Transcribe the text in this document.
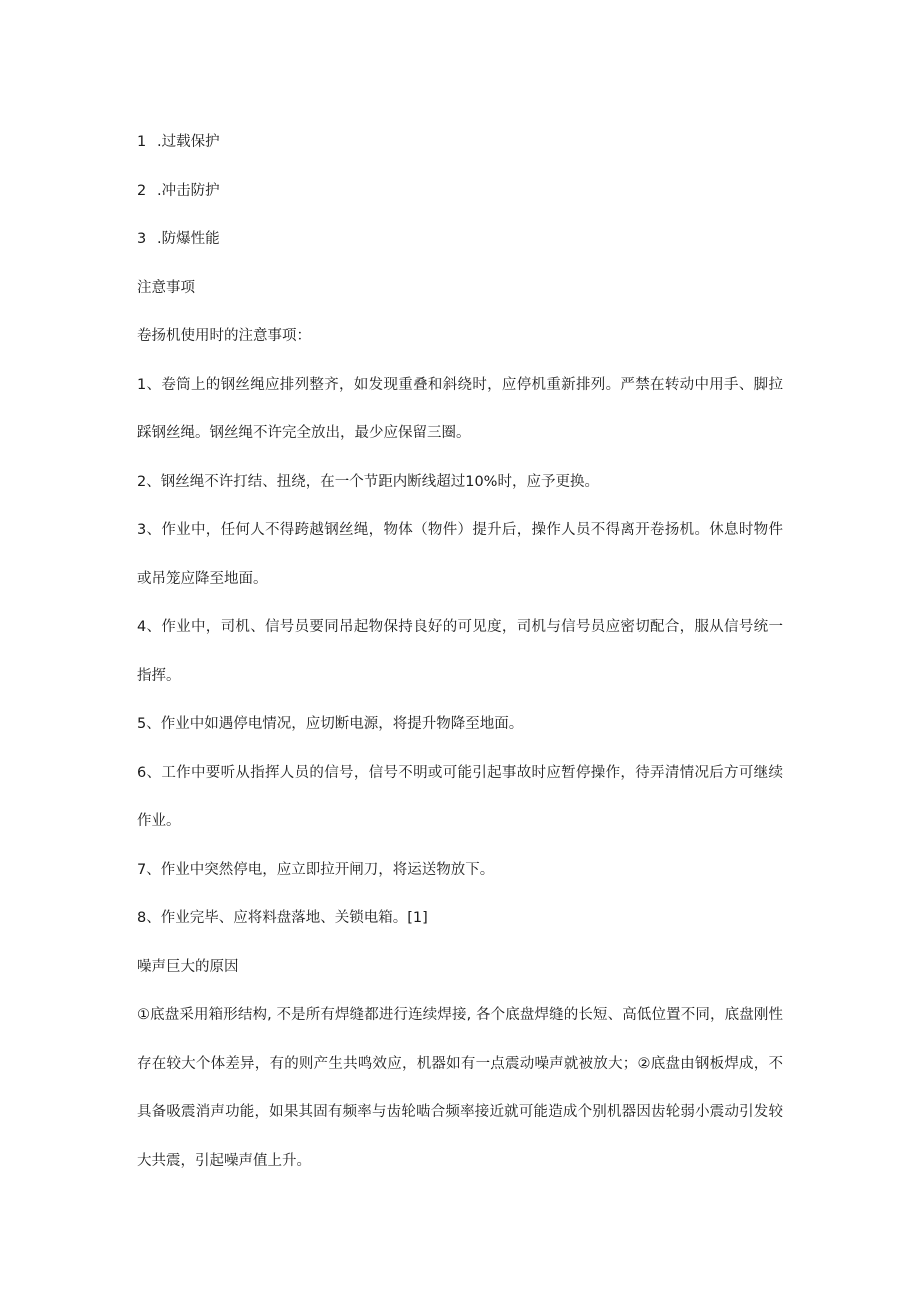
1 .过载保护

2 .冲击防护

3 .防爆性能

注意事项

卷扬机使用时的注意事项：

1、卷筒上的钢丝绳应排列整齐，如发现重叠和斜绕时，应停机重新排列。严禁在转动中用手、脚拉踩钢丝绳。钢丝绳不许完全放出，最少应保留三圈。

2、钢丝绳不许打结、扭绕，在一个节距内断线超过10%时，应予更换。

3、作业中，任何人不得跨越钢丝绳，物体（物件）提升后，操作人员不得离开卷扬机。休息时物件或吊笼应降至地面。

4、作业中，司机、信号员要同吊起物保持良好的可见度，司机与信号员应密切配合，服从信号统一指挥。

5、作业中如遇停电情况，应切断电源，将提升物降至地面。

6、工作中要听从指挥人员的信号，信号不明或可能引起事故时应暂停操作，待弄清情况后方可继续作业。

7、作业中突然停电，应立即拉开闸刀，将运送物放下。

8、作业完毕、应将料盘落地、关锁电箱。[1]

噪声巨大的原因

①底盘采用箱形结构, 不是所有焊缝都进行连续焊接, 各个底盘焊缝的长短、高低位置不同，底盘刚性存在较大个体差异，有的则产生共鸣效应，机器如有一点震动噪声就被放大；②底盘由钢板焊成，不具备吸震消声功能，如果其固有频率与齿轮啮合频率接近就可能造成个别机器因齿轮弱小震动引发较大共震，引起噪声值上升。
